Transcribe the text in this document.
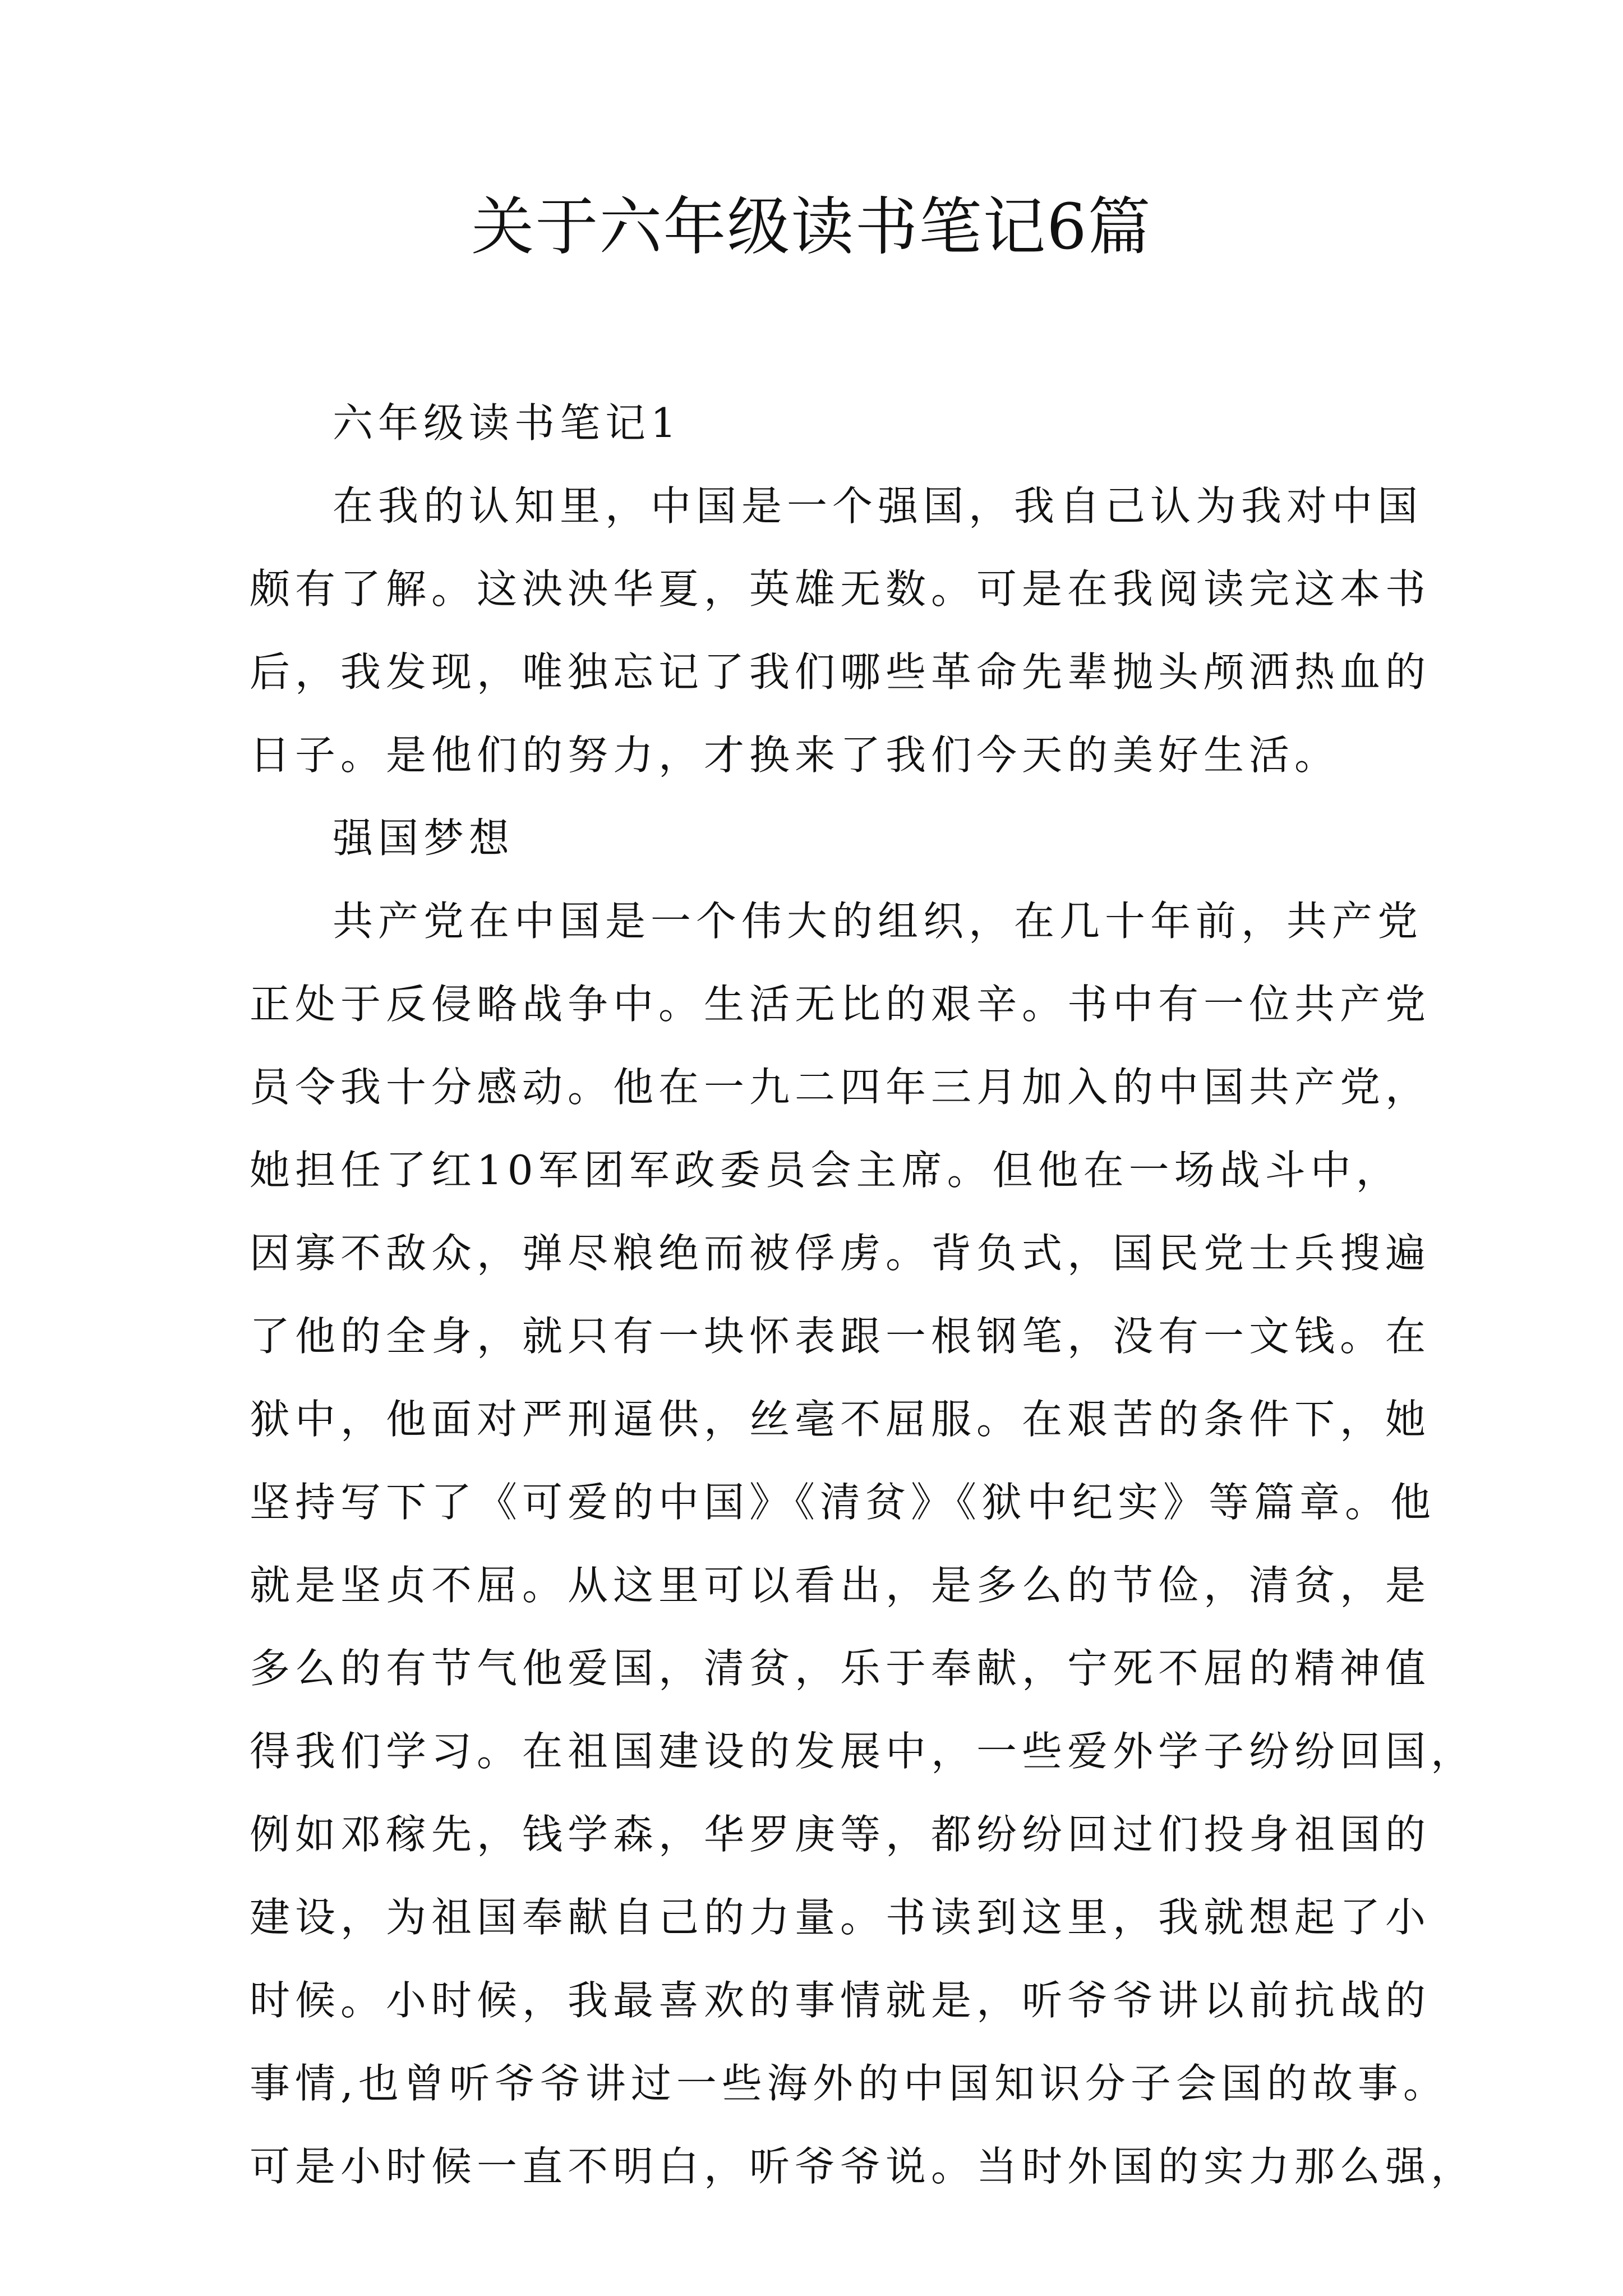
关于六年级读书笔记6篇
六年级读书笔记1
在我的认知里，中国是一个强国，我自己认为我对中国
颇有了解。这泱泱华夏，英雄无数。可是在我阅读完这本书
后，我发现，唯独忘记了我们哪些革命先辈抛头颅洒热血的
日子。是他们的努力，才换来了我们今天的美好生活。
强国梦想
共产党在中国是一个伟大的组织，在几十年前，共产党
正处于反侵略战争中。生活无比的艰辛。书中有一位共产党
员令我十分感动。他在一九二四年三月加入的中国共产党，
她担任了红10军团军政委员会主席。但他在一场战斗中，
因寡不敌众，弹尽粮绝而被俘虏。背负式，国民党士兵搜遍
了他的全身，就只有一块怀表跟一根钢笔，没有一文钱。在
狱中，他面对严刑逼供，丝毫不屈服。在艰苦的条件下，她
坚持写下了《可爱的中国》《清贫》《狱中纪实》等篇章。他
就是坚贞不屈。从这里可以看出，是多么的节俭，清贫，是
多么的有节气他爱国，清贫，乐于奉献，宁死不屈的精神值
得我们学习。在祖国建设的发展中，一些爱外学子纷纷回国，
例如邓稼先，钱学森，华罗庚等，都纷纷回过们投身祖国的
建设，为祖国奉献自己的力量。书读到这里，我就想起了小
时候。小时候，我最喜欢的事情就是，听爷爷讲以前抗战的
事情,也曾听爷爷讲过一些海外的中国知识分子会国的故事。
可是小时候一直不明白，听爷爷说。当时外国的实力那么强，
